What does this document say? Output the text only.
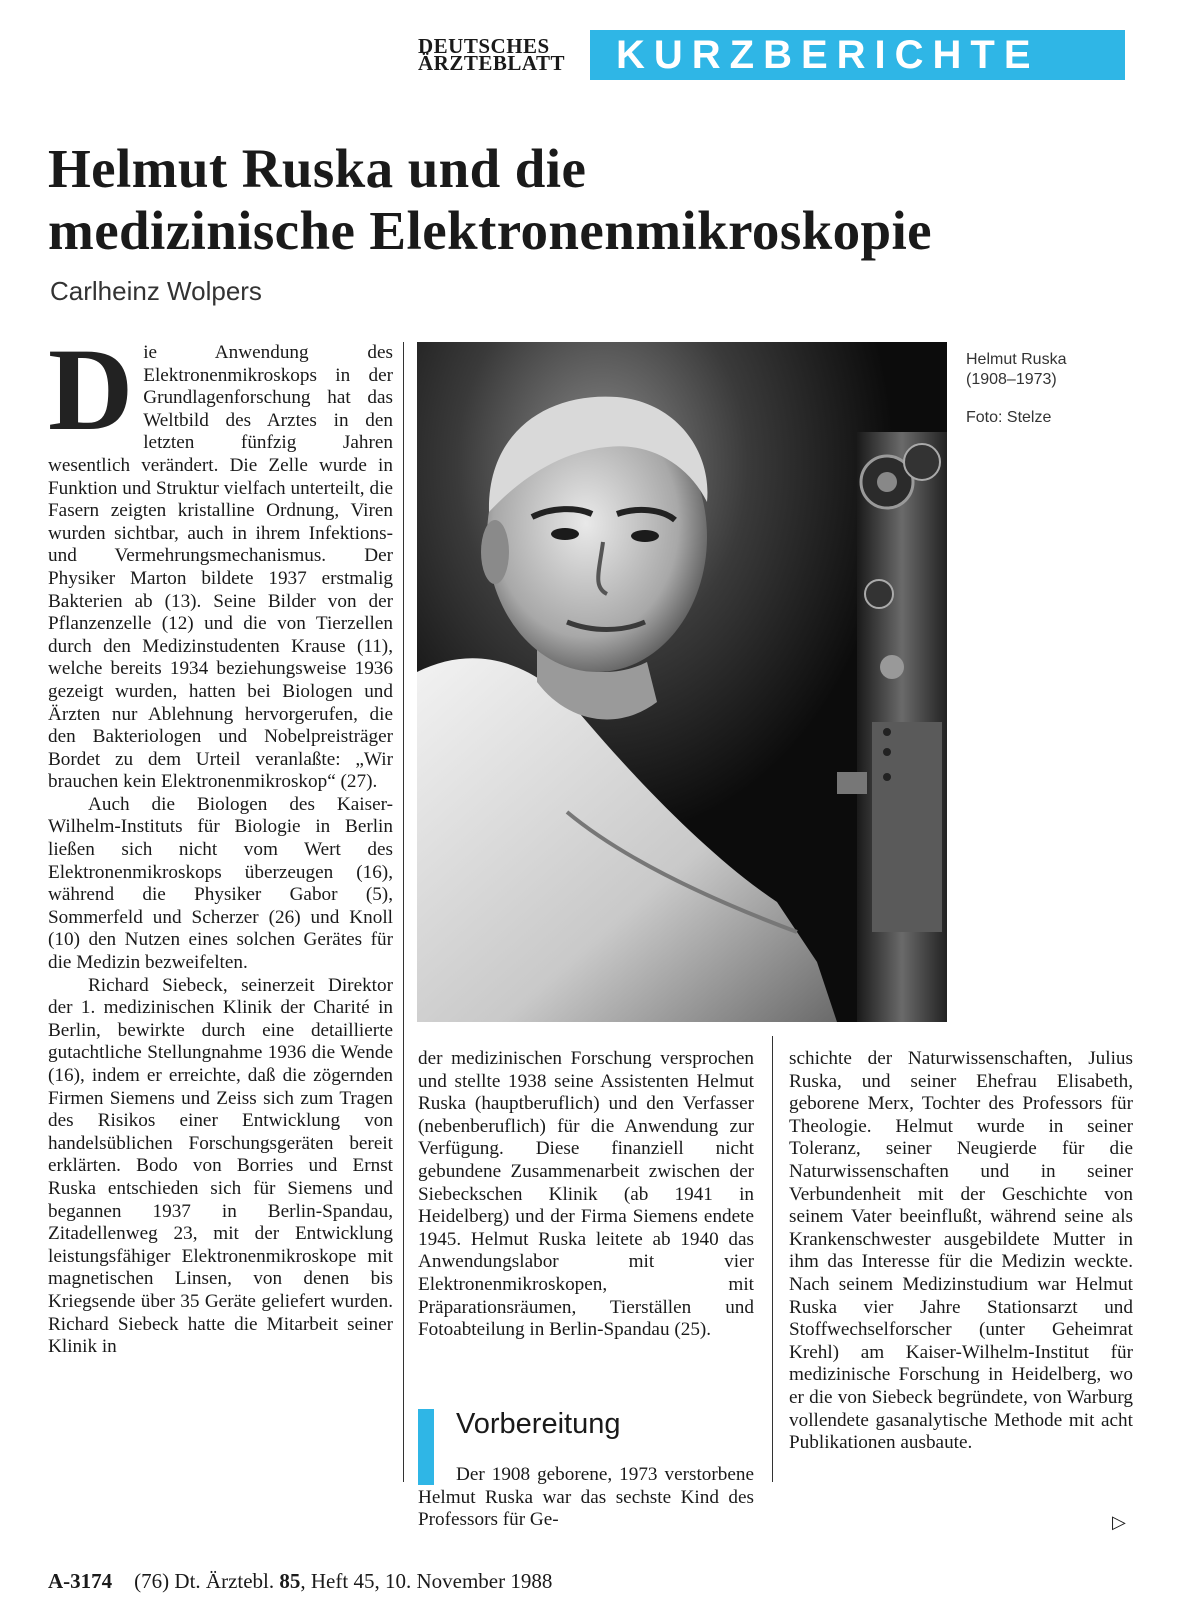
DEUTSCHES
ÄRZTEBLATT	KURZBERICHTE
Helmut Ruska und die
medizinische Elektronenmikroskopie
Carlheinz Wolpers

Die Anwendung des Elektronenmikroskops in der Grundlagenforschung hat das Weltbild des Arztes in den letzten fünfzig Jahren wesentlich verändert. Die Zelle wurde in Funktion und Struktur vielfach unterteilt, die Fasern zeigten kristalline Ordnung, Viren wurden sichtbar, auch in ihrem Infektions- und Vermehrungsmechanismus. Der Physiker Marton bildete 1937 erstmalig Bakterien ab (13). Seine Bilder von der Pflanzenzelle (12) und die von Tierzellen durch den Medizinstudenten Krause (11), welche bereits 1934 beziehungsweise 1936 gezeigt wurden, hatten bei Biologen und Ärzten nur Ablehnung hervorgerufen, die den Bakteriologen und Nobelpreisträger Bordet zu dem Urteil veranlaßte: „Wir brauchen kein Elektronenmikroskop“ (27).

Auch die Biologen des Kaiser-Wilhelm-Instituts für Biologie in Berlin ließen sich nicht vom Wert des Elektronenmikroskops überzeugen (16), während die Physiker Gabor (5), Sommerfeld und Scherzer (26) und Knoll (10) den Nutzen eines solchen Gerätes für die Medizin bezweifelten.

Richard Siebeck, seinerzeit Direktor der 1. medizinischen Klinik der Charité in Berlin, bewirkte durch eine detaillierte gutachtliche Stellungnahme 1936 die Wende (16), indem er erreichte, daß die zögernden Firmen Siemens und Zeiss sich zum Tragen des Risikos einer Entwicklung von handelsüblichen Forschungsgeräten bereit erklärten. Bodo von Borries und Ernst Ruska entschieden sich für Siemens und begannen 1937 in Berlin-Spandau, Zitadellenweg 23, mit der Entwicklung leistungsfähiger Elektronenmikroskope mit magnetischen Linsen, von denen bis Kriegsende über 35 Geräte geliefert wurden. Richard Siebeck hatte die Mitarbeit seiner Klinik in

Helmut Ruska
(1908–1973)
Foto: Stelze

der medizinischen Forschung versprochen und stellte 1938 seine Assistenten Helmut Ruska (hauptberuflich) und den Verfasser (nebenberuflich) für die Anwendung zur Verfügung. Diese finanziell nicht gebundene Zusammenarbeit zwischen der Siebeckschen Klinik (ab 1941 in Heidelberg) und der Firma Siemens endete 1945. Helmut Ruska leitete ab 1940 das Anwendungslabor mit vier Elektronenmikroskopen, mit Präparationsräumen, Tierställen und Fotoabteilung in Berlin-Spandau (25).

Vorbereitung

Der 1908 geborene, 1973 verstorbene Helmut Ruska war das sechste Kind des Professors für Ge-

schichte der Naturwissenschaften, Julius Ruska, und seiner Ehefrau Elisabeth, geborene Merx, Tochter des Professors für Theologie. Helmut wurde in seiner Toleranz, seiner Neugierde für die Naturwissenschaften und in seiner Verbundenheit mit der Geschichte von seinem Vater beeinflußt, während seine als Krankenschwester ausgebildete Mutter in ihm das Interesse für die Medizin weckte. Nach seinem Medizinstudium war Helmut Ruska vier Jahre Stationsarzt und Stoffwechselforscher (unter Geheimrat Krehl) am Kaiser-Wilhelm-Institut für medizinische Forschung in Heidelberg, wo er die von Siebeck begründete, von Warburg vollendete gasanalytische Methode mit acht Publikationen ausbaute.

▷
A-3174 (76) Dt. Ärztebl. 85, Heft 45, 10. November 1988
